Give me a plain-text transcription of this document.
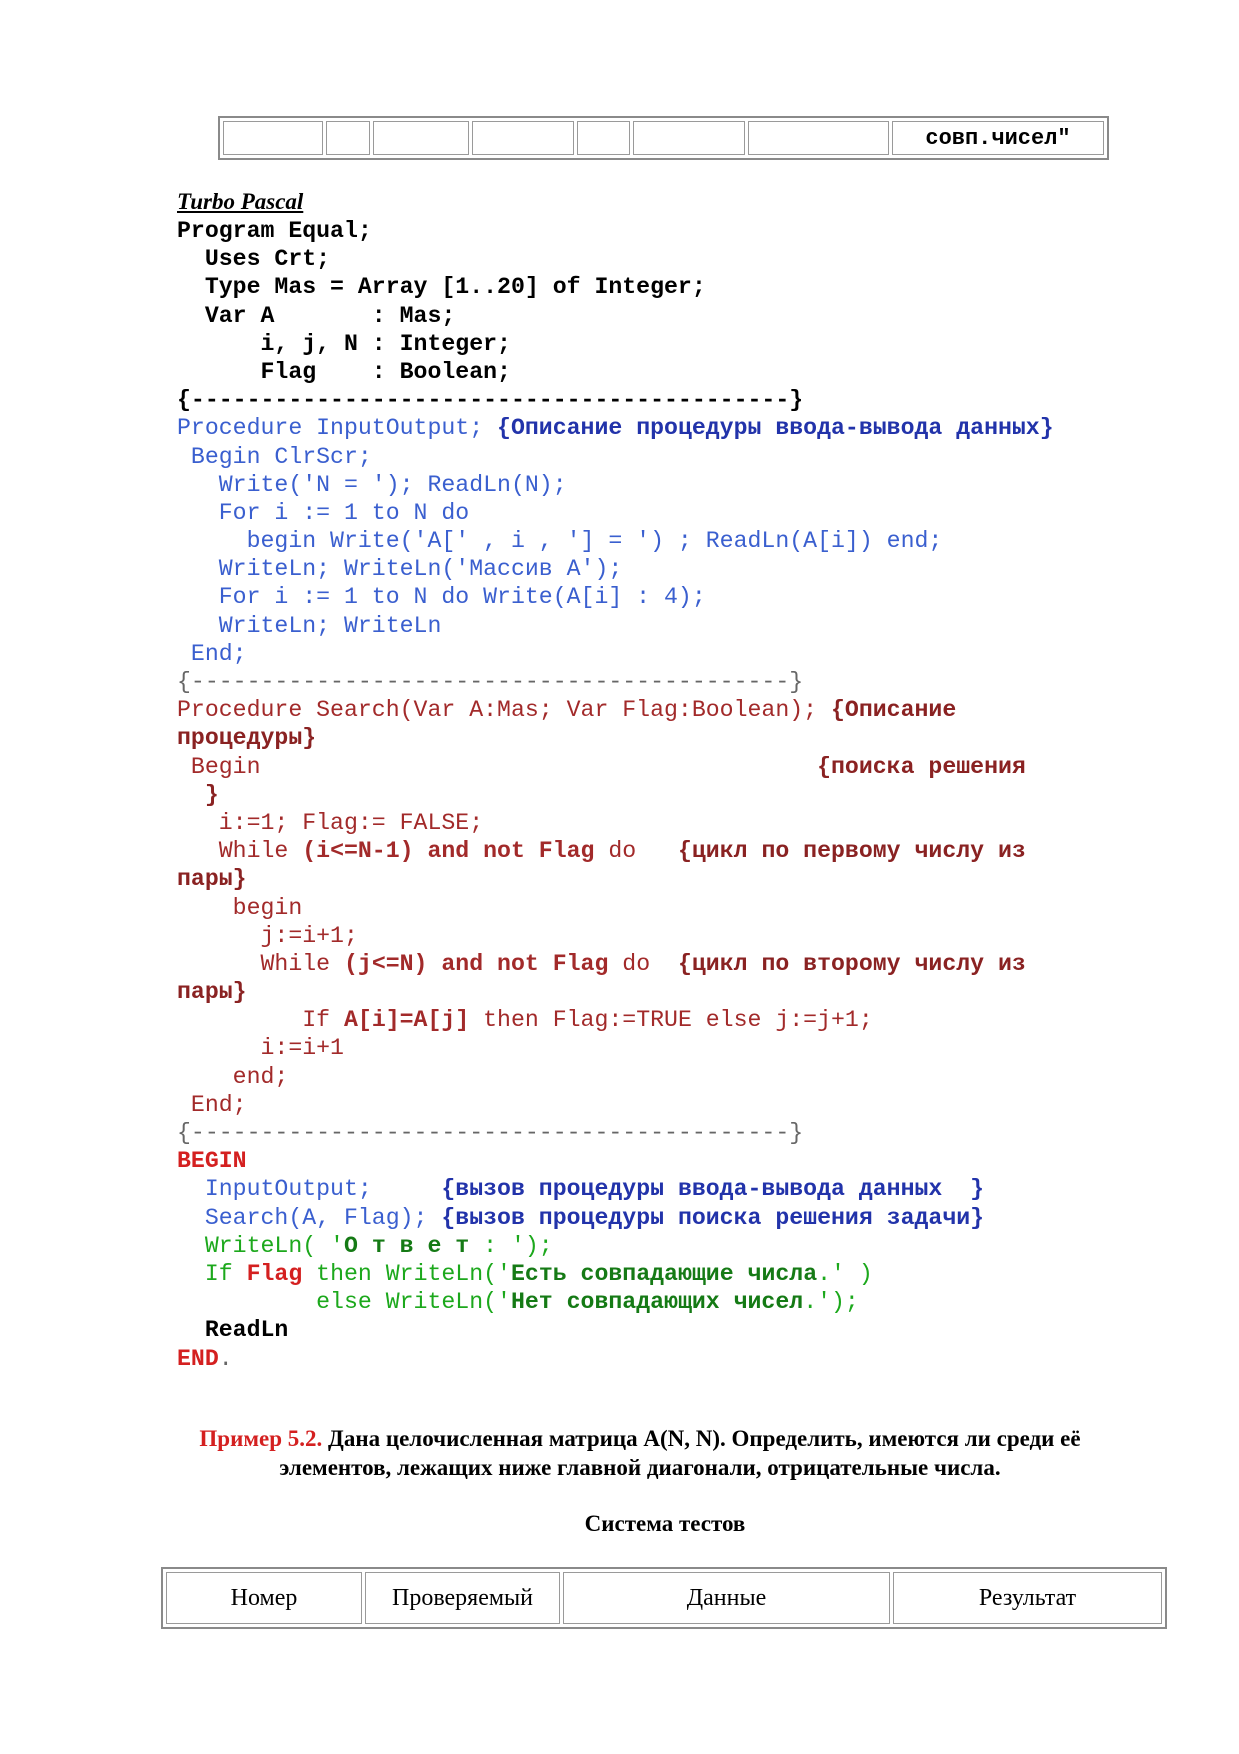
совп.чисел"

Turbo Pascal

Program Equal;
Uses Crt;
Type Mas = Array [1..20] of Integer;
Var A       : Mas;
i, j, N : Integer;
Flag    : Boolean;
{-------------------------------------------}
Procedure InputOutput; {Описание процедуры ввода-вывода данных}
Begin ClrScr;
Write('N = '); ReadLn(N);
For i := 1 to N do
begin Write('A[' , i , '] = ') ; ReadLn(A[i]) end;
WriteLn; WriteLn('Массив A');
For i := 1 to N do Write(A[i] : 4);
WriteLn; WriteLn
End;
{-------------------------------------------}
Procedure Search(Var A:Mas; Var Flag:Boolean); {Описание
процедуры}
Begin                                        {поиска решения
}
i:=1; Flag:= FALSE;
While (i<=N-1) and not Flag do   {цикл по первому числу из
пары}
begin
j:=i+1;
While (j<=N) and not Flag do  {цикл по второму числу из
пары}
If A[i]=A[j] then Flag:=TRUE else j:=j+1;
i:=i+1
end;
End;
{-------------------------------------------}
BEGIN
InputOutput;     {вызов процедуры ввода-вывода данных  }
Search(A, Flag); {вызов процедуры поиска решения задачи}
WriteLn( 'О т в е т : ');
If Flag then WriteLn('Есть совпадающие числа.' )
else WriteLn('Нет совпадающих чисел.');
ReadLn
END.

Пример 5.2. Дана целочисленная матрица A(N, N). Определить, имеются ли среди её элементов, лежащих ниже главной диагонали, отрицательные числа.

Система тестов

Номер	Проверяемый	Данные	Результат
